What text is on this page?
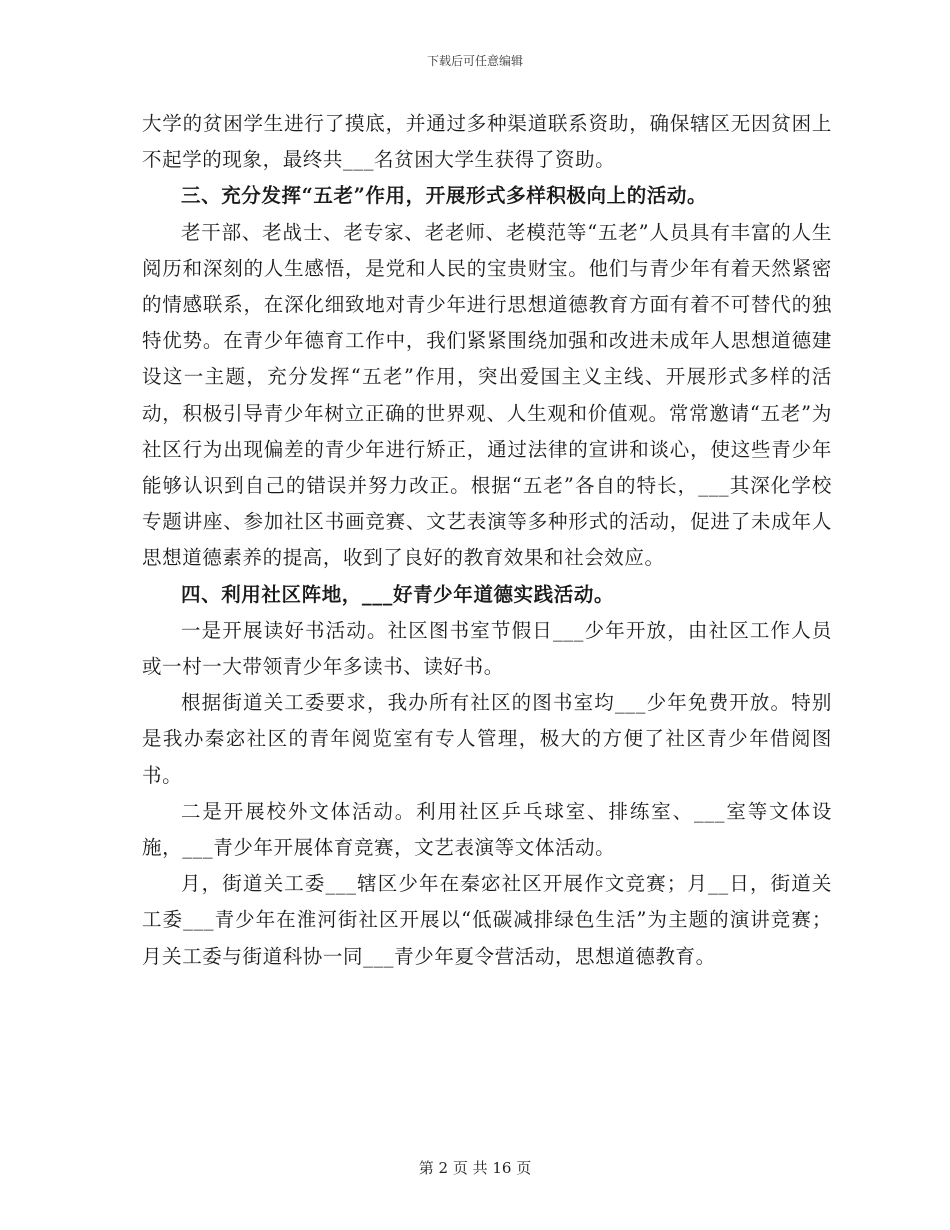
下载后可任意编辑

大学的贫困学生进行了摸底，并通过多种渠道联系资助，确保辖区无因贫困上不起学的现象，最终共___名贫困大学生获得了资助。

三、充分发挥“五老”作用，开展形式多样积极向上的活动。

老干部、老战士、老专家、老老师、老模范等“五老”人员具有丰富的人生阅历和深刻的人生感悟，是党和人民的宝贵财宝。他们与青少年有着天然紧密的情感联系，在深化细致地对青少年进行思想道德教育方面有着不可替代的独特优势。在青少年德育工作中，我们紧紧围绕加强和改进未成年人思想道德建设这一主题，充分发挥“五老”作用，突出爱国主义主线、开展形式多样的活动，积极引导青少年树立正确的世界观、人生观和价值观。常常邀请“五老”为社区行为出现偏差的青少年进行矫正，通过法律的宣讲和谈心，使这些青少年能够认识到自己的错误并努力改正。根据“五老”各自的特长，___其深化学校专题讲座、参加社区书画竞赛、文艺表演等多种形式的活动，促进了未成年人思想道德素养的提高，收到了良好的教育效果和社会效应。

四、利用社区阵地，___好青少年道德实践活动。

一是开展读好书活动。社区图书室节假日___少年开放，由社区工作人员或一村一大带领青少年多读书、读好书。

根据街道关工委要求，我办所有社区的图书室均___少年免费开放。特别是我办秦宓社区的青年阅览室有专人管理，极大的方便了社区青少年借阅图书。

二是开展校外文体活动。利用社区乒乓球室、排练室、___室等文体设施，___青少年开展体育竞赛，文艺表演等文体活动。

月，街道关工委___辖区少年在秦宓社区开展作文竞赛；月__日，街道关工委___青少年在淮河街社区开展以“低碳减排绿色生活”为主题的演讲竞赛；月关工委与街道科协一同___青少年夏令营活动，思想道德教育。

第 2 页 共 16 页
